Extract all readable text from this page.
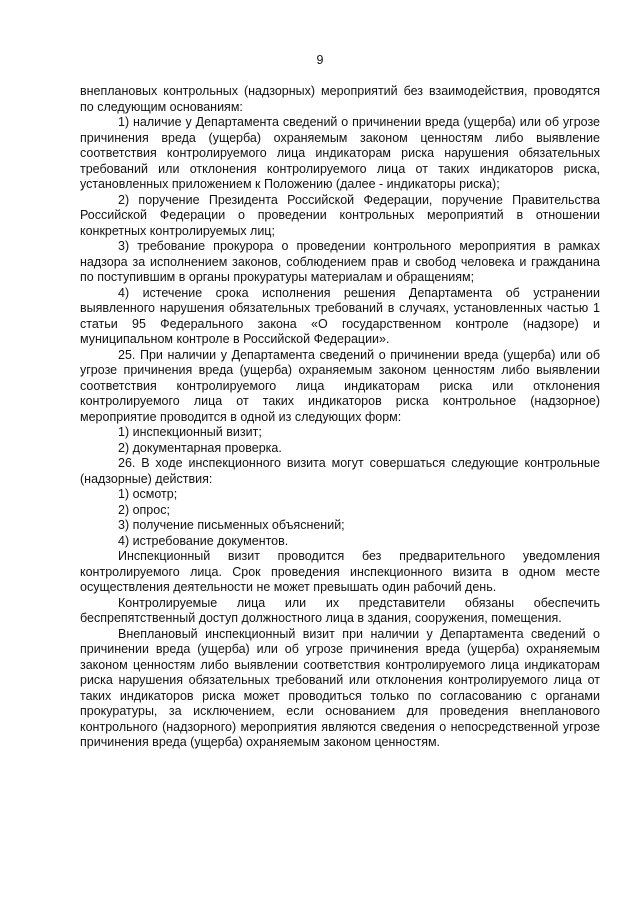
9

внеплановых контрольных (надзорных) мероприятий без взаимодействия, проводятся по следующим основаниям:

1) наличие у Департамента сведений о причинении вреда (ущерба) или об угрозе причинения вреда (ущерба) охраняемым законом ценностям либо выявление соответствия контролируемого лица индикаторам риска нарушения обязательных требований или отклонения контролируемого лица от таких индикаторов риска, установленных приложением к Положению (далее - индикаторы риска);

2) поручение Президента Российской Федерации, поручение Правительства Российской Федерации о проведении контрольных мероприятий в отношении конкретных контролируемых лиц;

3) требование прокурора о проведении контрольного мероприятия в рамках надзора за исполнением законов, соблюдением прав и свобод человека и гражданина по поступившим в органы прокуратуры материалам и обращениям;

4) истечение срока исполнения решения Департамента об устранении выявленного нарушения обязательных требований в случаях, установленных частью 1 статьи 95 Федерального закона «О государственном контроле (надзоре) и муниципальном контроле в Российской Федерации».

25. При наличии у Департамента сведений о причинении вреда (ущерба) или об угрозе причинения вреда (ущерба) охраняемым законом ценностям либо выявлении соответствия контролируемого лица индикаторам риска или отклонения контролируемого лица от таких индикаторов риска контрольное (надзорное) мероприятие проводится в одной из следующих форм:

1) инспекционный визит;

2) документарная проверка.

26. В ходе инспекционного визита могут совершаться следующие контрольные (надзорные) действия:

1) осмотр;

2) опрос;

3) получение письменных объяснений;

4) истребование документов.

Инспекционный визит проводится без предварительного уведомления контролируемого лица. Срок проведения инспекционного визита в одном месте осуществления деятельности не может превышать один рабочий день.

Контролируемые лица или их представители обязаны обеспечить беспрепятственный доступ должностного лица в здания, сооружения, помещения.

Внеплановый инспекционный визит при наличии у Департамента сведений о причинении вреда (ущерба) или об угрозе причинения вреда (ущерба) охраняемым законом ценностям либо выявлении соответствия контролируемого лица индикаторам риска нарушения обязательных требований или отклонения контролируемого лица от таких индикаторов риска может проводиться только по согласованию с органами прокуратуры, за исключением, если основанием для проведения внепланового контрольного (надзорного) мероприятия являются сведения о непосредственной угрозе причинения вреда (ущерба) охраняемым законом ценностям.
